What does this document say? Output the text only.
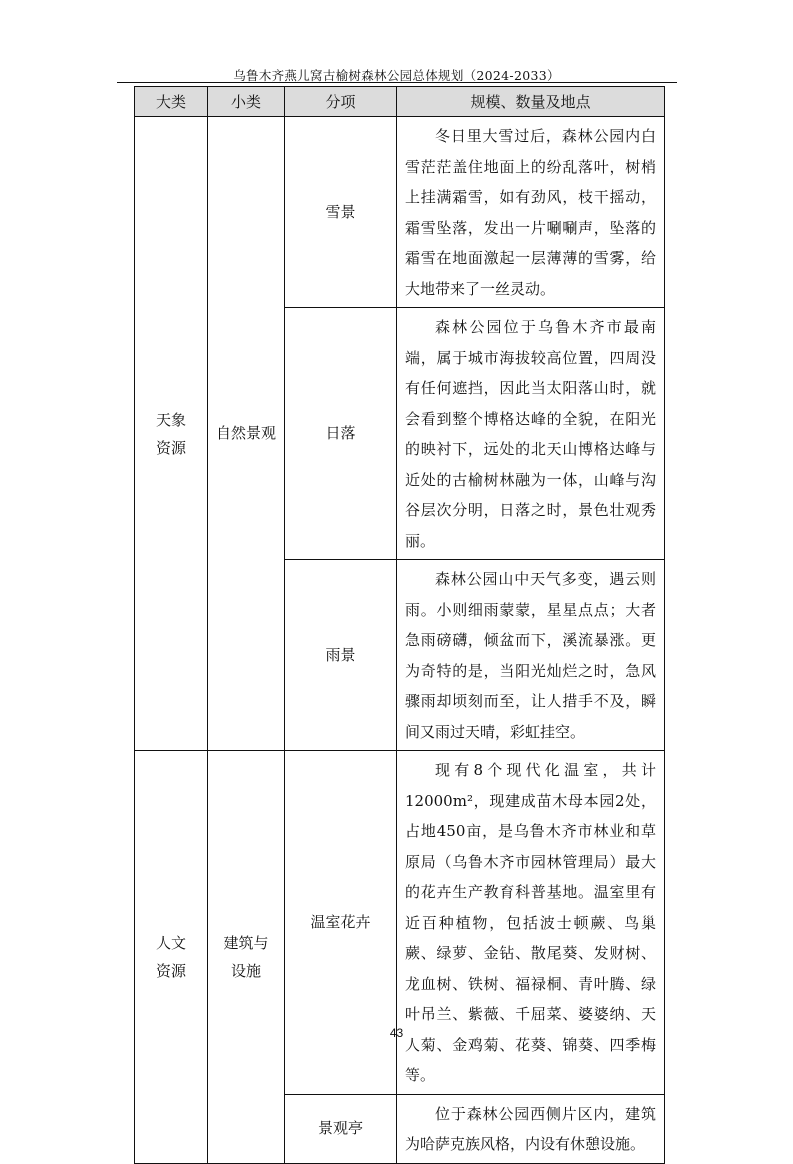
乌鲁木齐燕儿窝古榆树森林公园总体规划（2024-2033）
大类	小类	分项	规模、数量及地点

天象资源	自然景观	雪景	冬日里大雪过后，森林公园内白雪茫茫盖住地面上的纷乱落叶，树梢上挂满霜雪，如有劲风，枝干摇动，霜雪坠落，发出一片唰唰声，坠落的霜雪在地面激起一层薄薄的雪雾，给大地带来了一丝灵动。
		日落	森林公园位于乌鲁木齐市最南端，属于城市海拔较高位置，四周没有任何遮挡，因此当太阳落山时，就会看到整个博格达峰的全貌，在阳光的映衬下，远处的北天山博格达峰与近处的古榆树林融为一体，山峰与沟谷层次分明，日落之时，景色壮观秀丽。
		雨景	森林公园山中天气多变，遇云则雨。小则细雨蒙蒙，星星点点；大者急雨磅礴，倾盆而下，溪流暴涨。更为奇特的是，当阳光灿烂之时，急风骤雨却顷刻而至，让人措手不及，瞬间又雨过天晴，彩虹挂空。

人文资源	建筑与设施	温室花卉	现有8个现代化温室，共计12000m²，现建成苗木母本园2处，占地450亩，是乌鲁木齐市林业和草原局（乌鲁木齐市园林管理局）最大的花卉生产教育科普基地。温室里有近百种植物，包括波士顿蕨、鸟巢蕨、绿萝、金钻、散尾葵、发财树、龙血树、铁树、福禄桐、青叶腾、绿叶吊兰、紫薇、千屈菜、婆婆纳、天人菊、金鸡菊、花葵、锦葵、四季梅等。
		景观亭	位于森林公园西侧片区内，建筑为哈萨克族风格，内设有休憩设施。
43
